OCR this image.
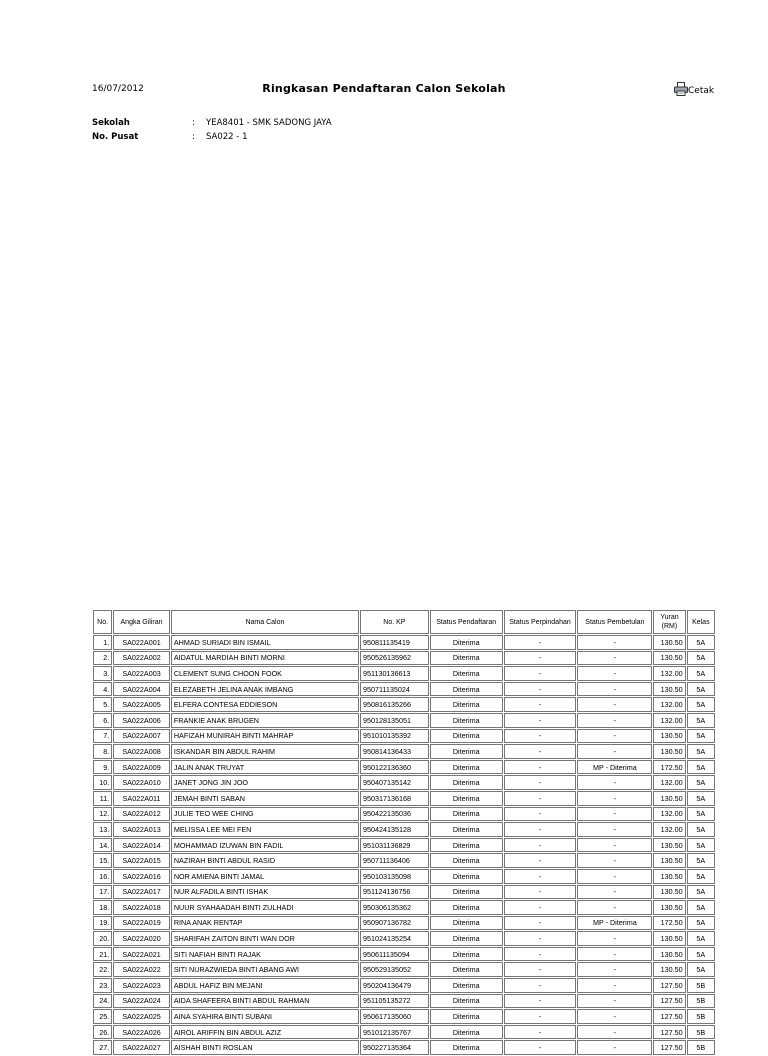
16/07/2012	Ringkasan Pendaftaran Calon Sekolah	Cetak
Sekolah	: YEA8401 - SMK SADONG JAYA
No. Pusat	: SA022 - 1
No.	Angka Giliran	Nama Calon	No. KP	Status Pendaftaran	Status Perpindahan	Status Pembetulan	Yuran (RM)	Kelas
1.	SA022A001	AHMAD SURIADI BIN ISMAIL	950811135419	Diterima	-	-	130.50	5A
2.	SA022A002	AIDATUL MARDIAH BINTI MORNI	950526135962	Diterima	-	-	130.50	5A
3.	SA022A003	CLEMENT SUNG CHOON FOOK	951130136613	Diterima	-	-	132.00	5A
4.	SA022A004	ELEZABETH JELINA ANAK IMBANG	950711135024	Diterima	-	-	130.50	5A
5.	SA022A005	ELFERA CONTESA EDDIESON	950816135266	Diterima	-	-	132.00	5A
6.	SA022A006	FRANKIE ANAK BRUGEN	950128135051	Diterima	-	-	132.00	5A
7.	SA022A007	HAFIZAH MUNIRAH BINTI MAHRAP	951010135392	Diterima	-	-	130.50	5A
8.	SA022A008	ISKANDAR BIN ABDUL RAHIM	950814136433	Diterima	-	-	130.50	5A
9.	SA022A009	JALIN ANAK TRUYAT	950122136360	Diterima	-	MP - Diterima	172.50	5A
10.	SA022A010	JANET JONG JIN JOO	950407135142	Diterima	-	-	132.00	5A
11.	SA022A011	JEMAH BINTI SABAN	950317136168	Diterima	-	-	130.50	5A
12.	SA022A012	JULIE TEO WEE CHING	950422135036	Diterima	-	-	132.00	5A
13.	SA022A013	MELISSA LEE MEI FEN	950424135128	Diterima	-	-	132.00	5A
14.	SA022A014	MOHAMMAD IZUWAN BIN FADIL	951031136829	Diterima	-	-	130.50	5A
15.	SA022A015	NAZIRAH BINTI ABDUL RASID	950711136406	Diterima	-	-	130.50	5A
16.	SA022A016	NOR AMIENA BINTI JAMAL	950103135098	Diterima	-	-	130.50	5A
17.	SA022A017	NUR ALFADILA BINTI ISHAK	951124136756	Diterima	-	-	130.50	5A
18.	SA022A018	NUUR SYAHAADAH BINTI ZULHADI	950306135362	Diterima	-	-	130.50	5A
19.	SA022A019	RINA ANAK RENTAP	950907136782	Diterima	-	MP - Diterima	172.50	5A
20.	SA022A020	SHARIFAH ZAITON BINTI WAN DOR	951024135254	Diterima	-	-	130.50	5A
21.	SA022A021	SITI NAFIAH BINTI RAJAK	950611135094	Diterima	-	-	130.50	5A
22.	SA022A022	SITI NURAZWIEDA BINTI ABANG AWI	950529135052	Diterima	-	-	130.50	5A
23.	SA022A023	ABDUL HAFIZ BIN MEJANI	950204136479	Diterima	-	-	127.50	5B
24.	SA022A024	AIDA SHAFEERA BINTI ABDUL RAHMAN	951105135272	Diterima	-	-	127.50	5B
25.	SA022A025	AINA SYAHIRA BINTI SUBANI	950617135060	Diterima	-	-	127.50	5B
26.	SA022A026	AIROL ARIFFIN BIN ABDUL AZIZ	951012135767	Diterima	-	-	127.50	5B
27.	SA022A027	AISHAH BINTI ROSLAN	950227135364	Diterima	-	-	127.50	5B
